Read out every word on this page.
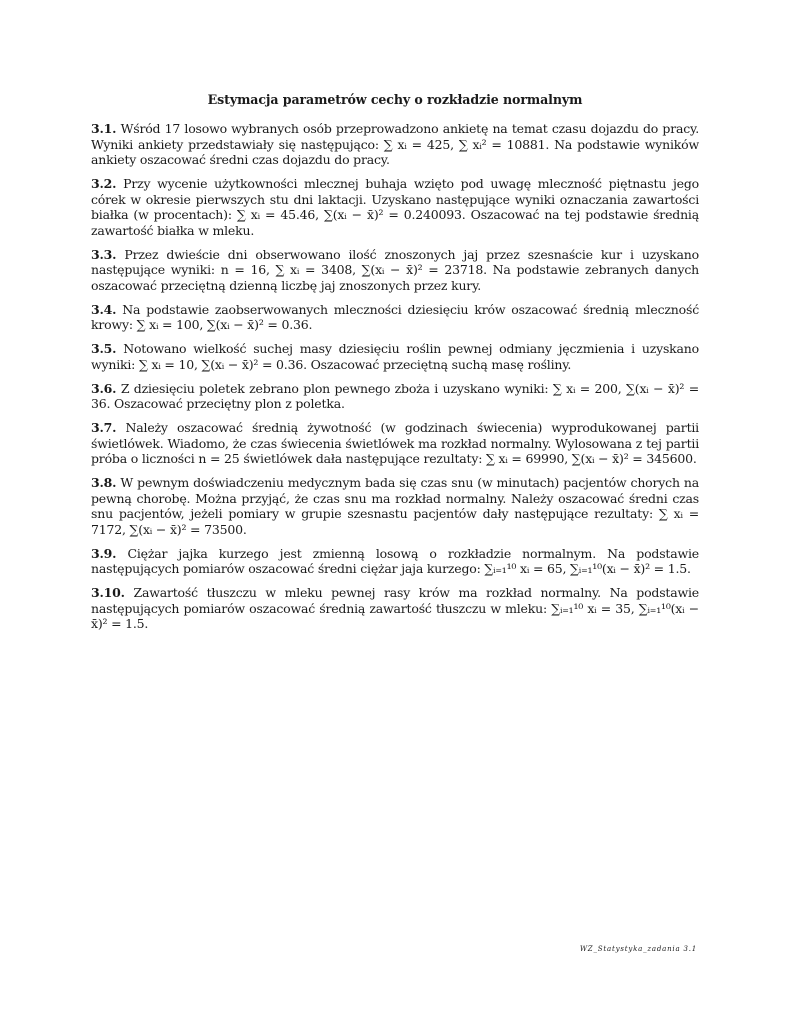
Estymacja parametrów cechy o rozkładzie normalnym

3.1. Wśród 17 losowo wybranych osób przeprowadzono ankietę na temat czasu dojazdu do pracy. Wyniki ankiety przedstawiały się następująco: ∑ xᵢ = 425, ∑ xᵢ² = 10881. Na podstawie wyników ankiety oszacować średni czas dojazdu do pracy.

3.2. Przy wycenie użytkowności mlecznej buhaja wzięto pod uwagę mleczność piętnastu jego córek w okresie pierwszych stu dni laktacji. Uzyskano następujące wyniki oznaczania zawartości białka (w procentach): ∑ xᵢ = 45.46, ∑(xᵢ − x̄)² = 0.240093. Oszacować na tej podstawie średnią zawartość białka w mleku.

3.3. Przez dwieście dni obserwowano ilość znoszonych jaj przez szesnaście kur i uzyskano następujące wyniki: n = 16, ∑ xᵢ = 3408, ∑(xᵢ − x̄)² = 23718. Na podstawie zebranych danych oszacować przeciętną dzienną liczbę jaj znoszonych przez kury.

3.4. Na podstawie zaobserwowanych mleczności dziesięciu krów oszacować średnią mleczność krowy: ∑ xᵢ = 100, ∑(xᵢ − x̄)² = 0.36.

3.5. Notowano wielkość suchej masy dziesięciu roślin pewnej odmiany jęczmienia i uzyskano wyniki: ∑ xᵢ = 10, ∑(xᵢ − x̄)² = 0.36. Oszacować przeciętną suchą masę rośliny.

3.6. Z dziesięciu poletek zebrano plon pewnego zboża i uzyskano wyniki: ∑ xᵢ = 200, ∑(xᵢ − x̄)² = 36. Oszacować przeciętny plon z poletka.

3.7. Należy oszacować średnią żywotność (w godzinach świecenia) wyprodukowanej partii świetlówek. Wiadomo, że czas świecenia świetlówek ma rozkład normalny. Wylosowana z tej partii próba o liczności n = 25 świetlówek dała następujące rezultaty: ∑ xᵢ = 69990, ∑(xᵢ − x̄)² = 345600.

3.8. W pewnym doświadczeniu medycznym bada się czas snu (w minutach) pacjentów chorych na pewną chorobę. Można przyjąć, że czas snu ma rozkład normalny. Należy oszacować średni czas snu pacjentów, jeżeli pomiary w grupie szesnastu pacjentów dały następujące rezultaty: ∑ xᵢ = 7172, ∑(xᵢ − x̄)² = 73500.

3.9. Ciężar jajka kurzego jest zmienną losową o rozkładzie normalnym. Na podstawie następujących pomiarów oszacować średni ciężar jaja kurzego: ∑ᵢ₌₁¹⁰ xᵢ = 65, ∑ᵢ₌₁¹⁰(xᵢ − x̄)² = 1.5.

3.10. Zawartość tłuszczu w mleku pewnej rasy krów ma rozkład normalny. Na podstawie następujących pomiarów oszacować średnią zawartość tłuszczu w mleku: ∑ᵢ₌₁¹⁰ xᵢ = 35, ∑ᵢ₌₁¹⁰(xᵢ − x̄)² = 1.5.

WZ_Statystyka_zadania 3.1
